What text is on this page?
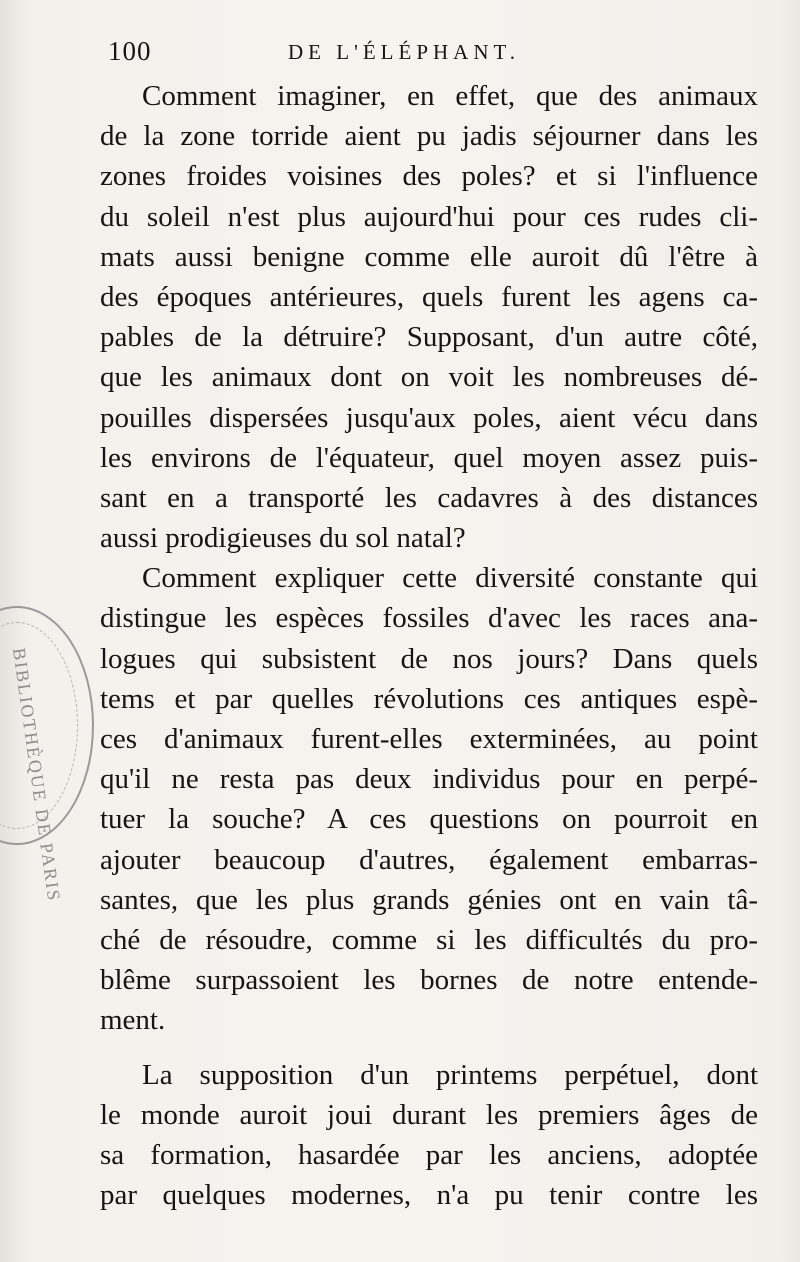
BIBLIOTHÈQUE DE PARIS
100	DE L'ÉLÉPHANT.
Comment imaginer, en effet, que des animaux
de la zone torride aient pu jadis séjourner dans les
zones froides voisines des poles? et si l'influence
du soleil n'est plus aujourd'hui pour ces rudes cli-
mats aussi benigne comme elle auroit dû l'être à
des époques antérieures, quels furent les agens ca-
pables de la détruire? Supposant, d'un autre côté,
que les animaux dont on voit les nombreuses dé-
pouilles dispersées jusqu'aux poles, aient vécu dans
les environs de l'équateur, quel moyen assez puis-
sant en a transporté les cadavres à des distances
aussi prodigieuses du sol natal?
Comment expliquer cette diversité constante qui
distingue les espèces fossiles d'avec les races ana-
logues qui subsistent de nos jours? Dans quels
tems et par quelles révolutions ces antiques espè-
ces d'animaux furent-elles exterminées, au point
qu'il ne resta pas deux individus pour en perpé-
tuer la souche? A ces questions on pourroit en
ajouter beaucoup d'autres, également embarras-
santes, que les plus grands génies ont en vain tâ-
ché de résoudre, comme si les difficultés du pro-
blême surpassoient les bornes de notre entende-
ment.
La supposition d'un printems perpétuel, dont
le monde auroit joui durant les premiers âges de
sa formation, hasardée par les anciens, adoptée
par quelques modernes, n'a pu tenir contre les
